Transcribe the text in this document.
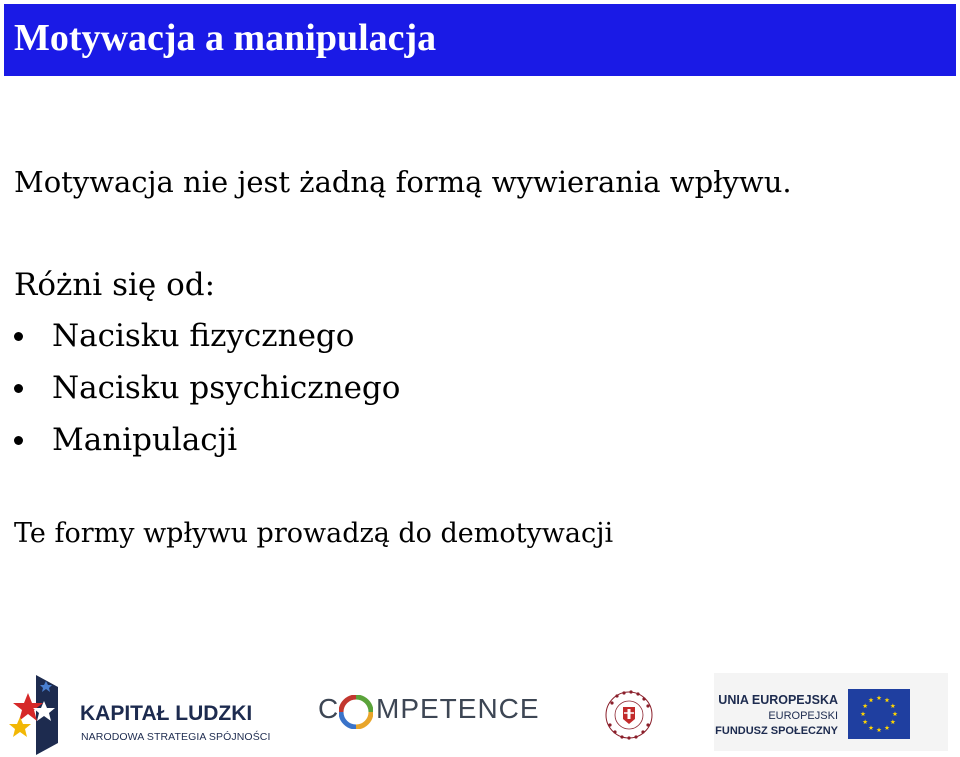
Motywacja a manipulacja
Motywacja nie jest żadną formą wywierania wpływu.
Różni się od:
Nacisku fizycznego
Nacisku psychicznego
Manipulacji
Te formy wpływu prowadzą do demotywacji
KAPITAŁ LUDZKI
NARODOWA STRATEGIA SPÓJNOŚCI
C MPETENCE	UNIA EUROPEJSKA
EUROPEJSKI
FUNDUSZ SPOŁECZNY
